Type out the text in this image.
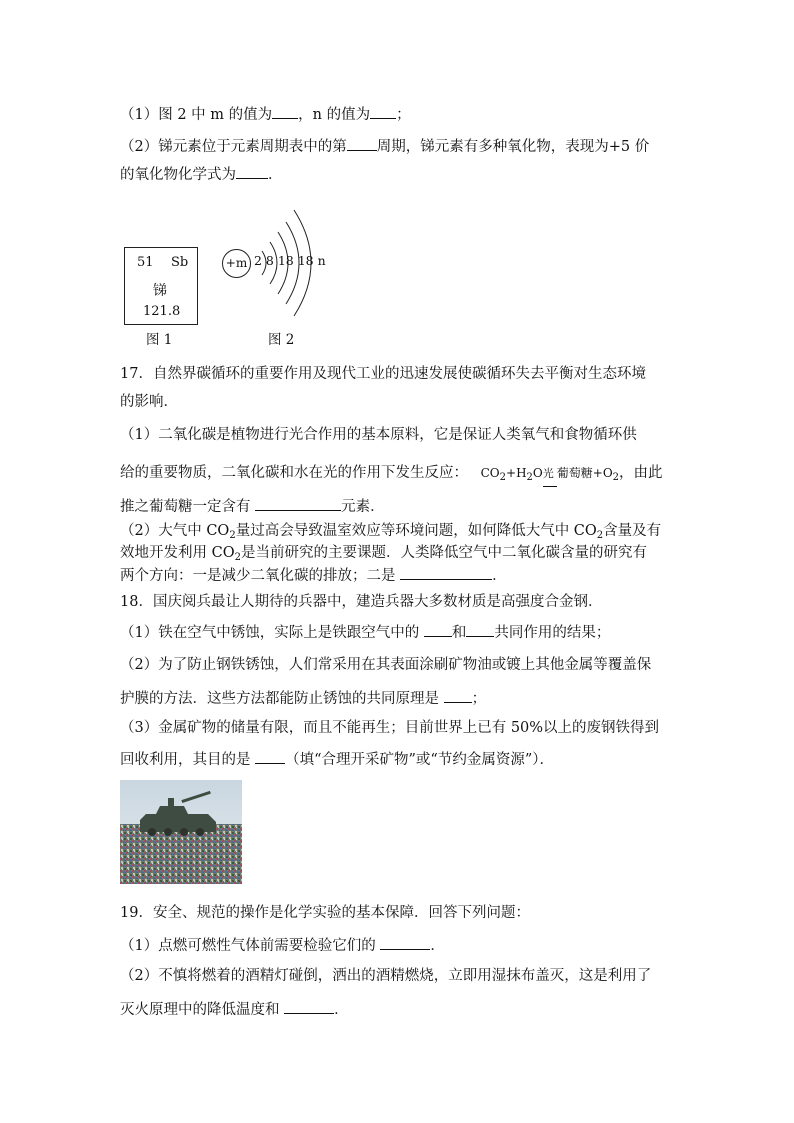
（1）图 2 中 m 的值为 ，n 的值为 ；
（2）锑元素位于元素周期表中的第 周期，锑元素有多种氧化物，表现为+5 价
的氧化物化学式为 ．
51 Sb
锑
121.8
图 1
+m 2 8 18 18 n
图 2
17．自然界碳循环的重要作用及现代工业的迅速发展使碳循环失去平衡对生态环境
的影响．
（1）二氧化碳是植物进行光合作用的基本原料，它是保证人类氧气和食物循环供
给的重要物质，二氧化碳和水在光的作用下发生反应： $CO_2+H_2O$ 光 葡萄糖$+O_2$，由此
推之葡萄糖一定含有	元素．
（2）大气中 $CO_2$量过高会导致温室效应等环境问题，如何降低大气中 $CO_2$含量及有
效地开发利用 $CO_2$是当前研究的主要课题．人类降低空气中二氧化碳含量的研究有
两个方向：一是减少二氧化碳的排放；二是	．
18．国庆阅兵最让人期待的兵器中，建造兵器大多数材质是高强度合金钢．
（1）铁在空气中锈蚀，实际上是铁跟空气中的 和 共同作用的结果；
（2）为了防止钢铁锈蚀，人们常采用在其表面涂刷矿物油或镀上其他金属等覆盖保
护膜的方法．这些方法都能防止锈蚀的共同原理是 ；
（3）金属矿物的储量有限，而且不能再生；目前世界上已有 50%以上的废钢铁得到
回收利用，其目的是 （填“合理开采矿物”或“节约金属资源”）．
19．安全、规范的操作是化学实验的基本保障．回答下列问题：
（1）点燃可燃性气体前需要检验它们的	．
（2）不慎将燃着的酒精灯碰倒，洒出的酒精燃烧，立即用湿抹布盖灭，这是利用了
灭火原理中的降低温度和	．
